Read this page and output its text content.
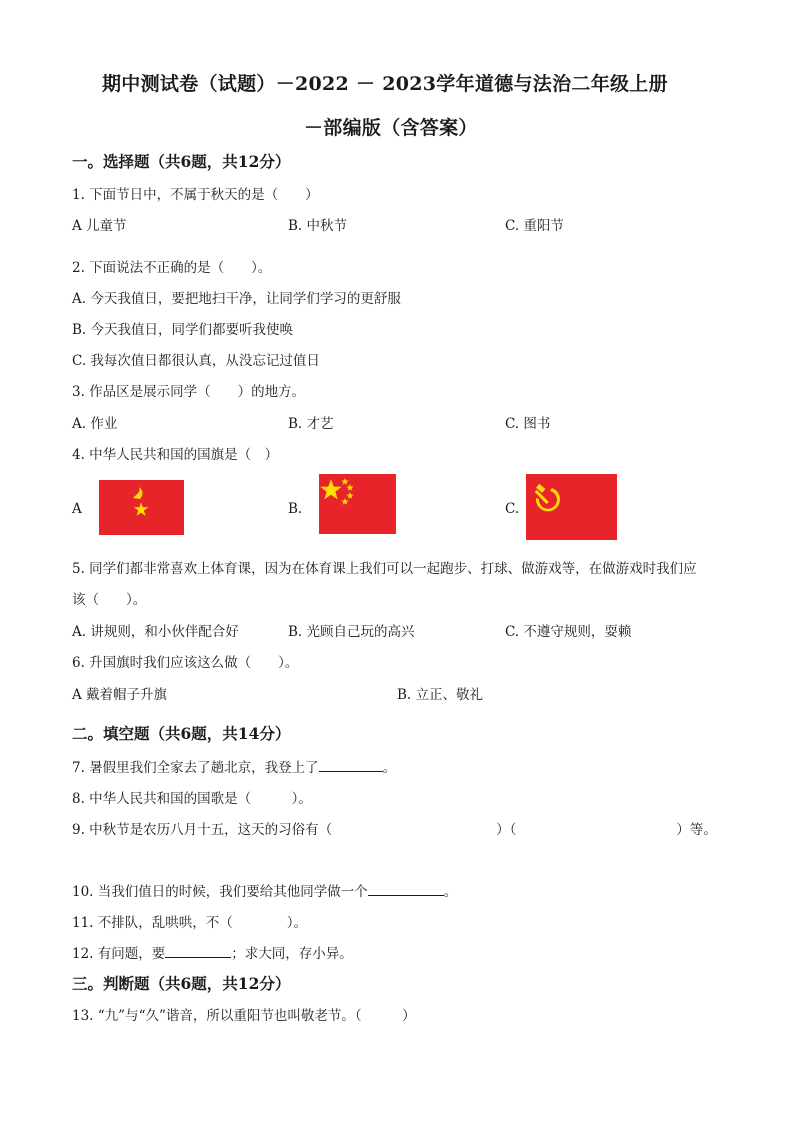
期中测试卷（试题）－2022 － 2023学年道德与法治二年级上册
－部编版（含答案）
一。选择题（共6题，共12分）
1. 下面节日中，不属于秋天的是（　　）
A 儿童节	B. 中秋节	C. 重阳节
2. 下面说法不正确的是（　　）。
A. 今天我值日，要把地扫干净，让同学们学习的更舒服
B. 今天我值日，同学们都要听我使唤
C. 我每次值日都很认真，从没忘记过值日
3. 作品区是展示同学（　　）的地方。
A. 作业	B. 才艺	C. 图书
4. 中华人民共和国的国旗是（　）
A	B.	C.
5. 同学们都非常喜欢上体育课，因为在体育课上我们可以一起跑步、打球、做游戏等，在做游戏时我们应
该（　　）。
A. 讲规则，和小伙伴配合好	B. 光顾自己玩的高兴	C. 不遵守规则，耍赖
6. 升国旗时我们应该这么做（　　）。
A 戴着帽子升旗	B. 立正、敬礼
二。填空题（共6题，共14分）
7. 暑假里我们全家去了趟北京，我登上了	。
8. 中华人民共和国的国歌是（　　　）。
9. 中秋节是农历八月十五，这天的习俗有（	）（	）等。
10. 当我们值日的时候，我们要给其他同学做一个	。
11. 不排队，乱哄哄，不（　　　　）。
12. 有问题，要	；求大同，存小异。
三。判断题（共6题，共12分）
13. “九”与“久”谐音，所以重阳节也叫敬老节。（　　　）
